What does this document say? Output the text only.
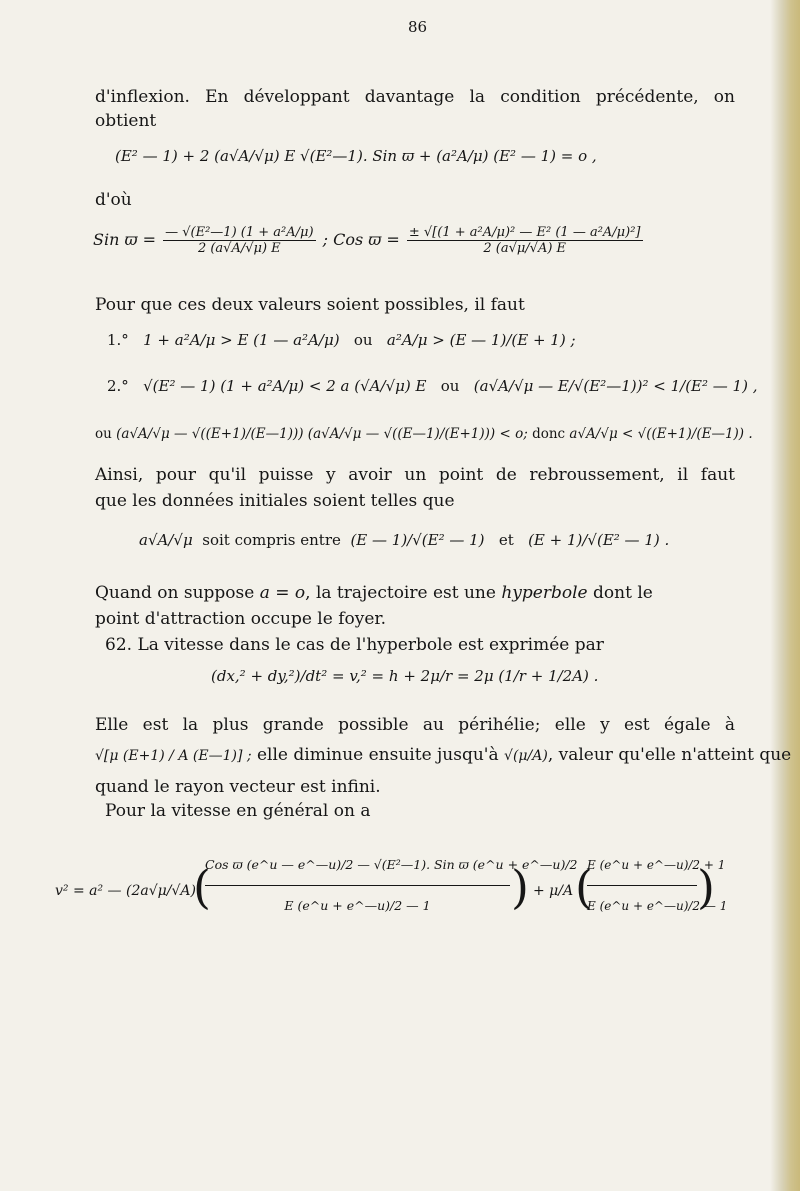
86
d'inflexion. En développant davantage la condition précédente, on
obtient
(E² — 1) + 2 (a√A/√μ) E √(E²—1). Sin ϖ + (a²A/μ) (E² — 1) = o ,
d'où
Sin $ϖ = \frac{\text{— √(E²—1) (1 + a²A/μ)}}{2 (a√A/√\mu) E}$ ; Cos $ϖ = \frac{\text{± √[(1 + a²A/μ)² — E² (1 — a²A/μ)²]}}{2 (a√\mu/√A) E}$
Pour que ces deux valeurs soient possibles, il faut
1.° 1 + a²A/μ > E (1 — a²A/μ) ou a²A/μ > (E — 1)/(E + 1) ;
2.° √(E² — 1) (1 + a²A/μ) < 2 a (√A/√μ) E ou (a√A/√μ — E/√(E²—1))² < 1/(E² — 1) ,
ou (a√A/√μ — √((E+1)/(E—1))) (a√A/√μ — √((E—1)/(E+1))) < o; donc a√A/√μ < √((E+1)/(E—1)) .
Ainsi, pour qu'il puisse y avoir un point de rebroussement, il faut
que les données initiales soient telles que
a√A/√μ soit compris entre (E — 1)/√(E² — 1) et (E + 1)/√(E² — 1) .
Quand on suppose a = o, la trajectoire est une hyperbole dont le
point d'attraction occupe le foyer.
62. La vitesse dans le cas de l'hyperbole est exprimée par
(dx,² + dy,²)/dt² = v,² = h + 2μ/r = 2μ (1/r + 1/2A) .
Elle est la plus grande possible au périhélie; elle y est égale à
√[μ (E+1) / A (E—1)] ; elle diminue ensuite jusqu'à √(μ/A), valeur qu'elle n'atteint que
quand le rayon vecteur est infini.
Pour la vitesse en général on a
v² = a² — (2a√μ/√A)
(
Cos ϖ (e^u — e^—u)/2 — √(E²—1). Sin ϖ (e^u + e^—u)/2
E (e^u + e^—u)/2 — 1	) + μ/A (
$\frac{E (e\^{}u + e\^{}—u)/2 + 1}{E (e\^{}u + e\^{}—u)/2 — 1}$ )
